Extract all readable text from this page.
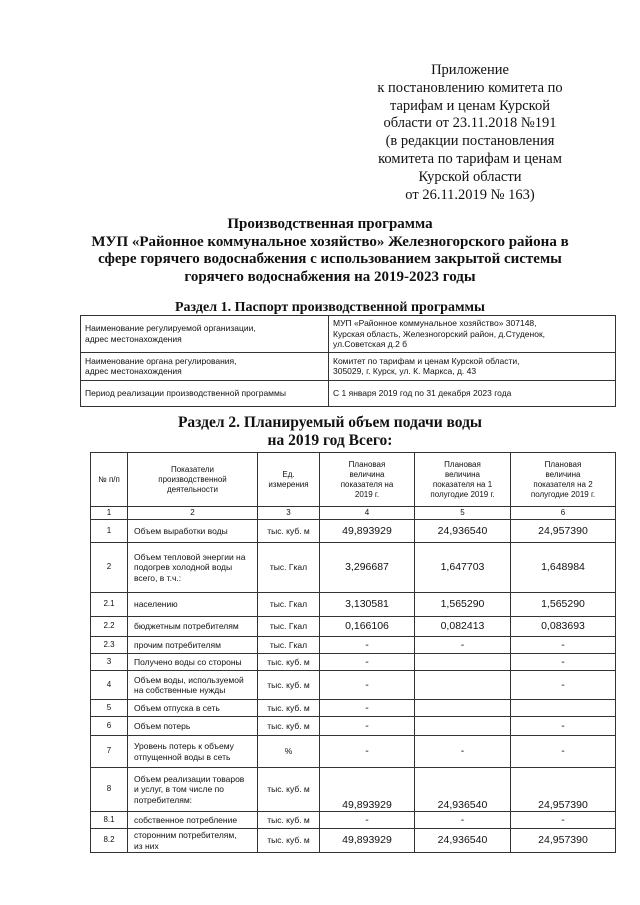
Приложение
к постановлению комитета по
тарифам и ценам Курской
области от 23.11.2018 №191
(в редакции постановления
комитета по тарифам и ценам
Курской области
от 26.11.2019 № 163)
Производственная программа
МУП «Районное коммунальное хозяйство» Железногорского района в
сфере горячего водоснабжения с использованием закрытой системы
горячего водоснабжения на 2019-2023 годы
Раздел 1. Паспорт производственной программы
Наименование регулируемой организации,
адрес местонахождения	МУП «Районное коммунальное хозяйство» 307148,
Курская область, Железногорский район, д.Студенок,
ул.Советская д.2 б
Наименование органа регулирования,
адрес местонахождения	Комитет по тарифам и ценам Курской области,
305029, г. Курск, ул. К. Маркса, д. 43
Период реализации производственной программы	С 1 января 2019 год по 31 декабря 2023 года
Раздел 2. Планируемый объем подачи воды
на 2019 год Всего:
№ п/п	Показатели
производственной
деятельности	Ед.
измерения	Плановая
величина
показателя на
2019 г.	Плановая
величина
показателя на 1
полугодие 2019 г.	Плановая
величина
показателя на 2
полугодие 2019 г.
1	2	3	4	5	6
1	Объем выработки воды	тыс. куб. м	49,893929	24,936540	24,957390
2	Объем тепловой энергии на
подогрев холодной воды
всего, в т.ч.:	тыс. Гкал	3,296687	1,647703	1,648984
2.1	населению	тыс. Гкал	3,130581	1,565290	1,565290
2.2	бюджетным потребителям	тыс. Гкал	0,166106	0,082413	0,083693
2.3	прочим потребителям	тыс. Гкал	-	-	-
3	Получено воды со стороны	тыс. куб. м	-		-
4	Объем воды, используемой
на собственные нужды	тыс. куб. м	-		-
5	Объем отпуска в сеть	тыс. куб. м	-		
6	Объем потерь	тыс. куб. м	-		-
7	Уровень потерь к объему
отпущенной воды в сеть	%	-	-	-
8	Объем реализации товаров
и услуг, в том числе по
потребителям:	тыс. куб. м	49,893929	24,936540	24,957390
8.1	собственное потребление	тыс. куб. м	-	-	-
8.2	сторонним потребителям,
из них	тыс. куб. м	49,893929	24,936540	24,957390
